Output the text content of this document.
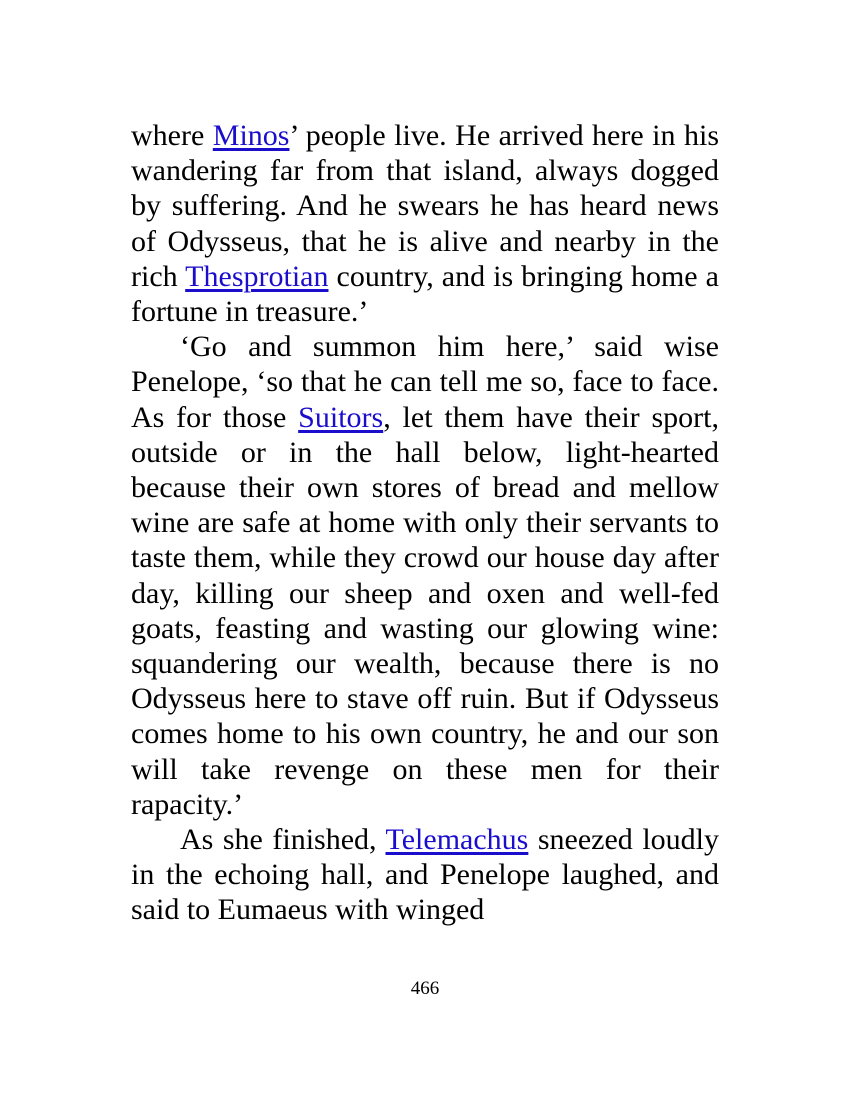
where Minos’ people live. He arrived here in his wandering far from that island, always dogged by suffering. And he swears he has heard news of Odysseus, that he is alive and nearby in the rich Thesprotian country, and is bringing home a fortune in treasure.’

‘Go and summon him here,’ said wise Penelope, ‘so that he can tell me so, face to face. As for those Suitors, let them have their sport, outside or in the hall below, light-hearted because their own stores of bread and mellow wine are safe at home with only their servants to taste them, while they crowd our house day after day, killing our sheep and oxen and well-fed goats, feasting and wasting our glowing wine: squandering our wealth, because there is no Odysseus here to stave off ruin. But if Odysseus comes home to his own country, he and our son will take revenge on these men for their rapacity.’

As she finished, Telemachus sneezed loudly in the echoing hall, and Penelope laughed, and said to Eumaeus with winged

466
